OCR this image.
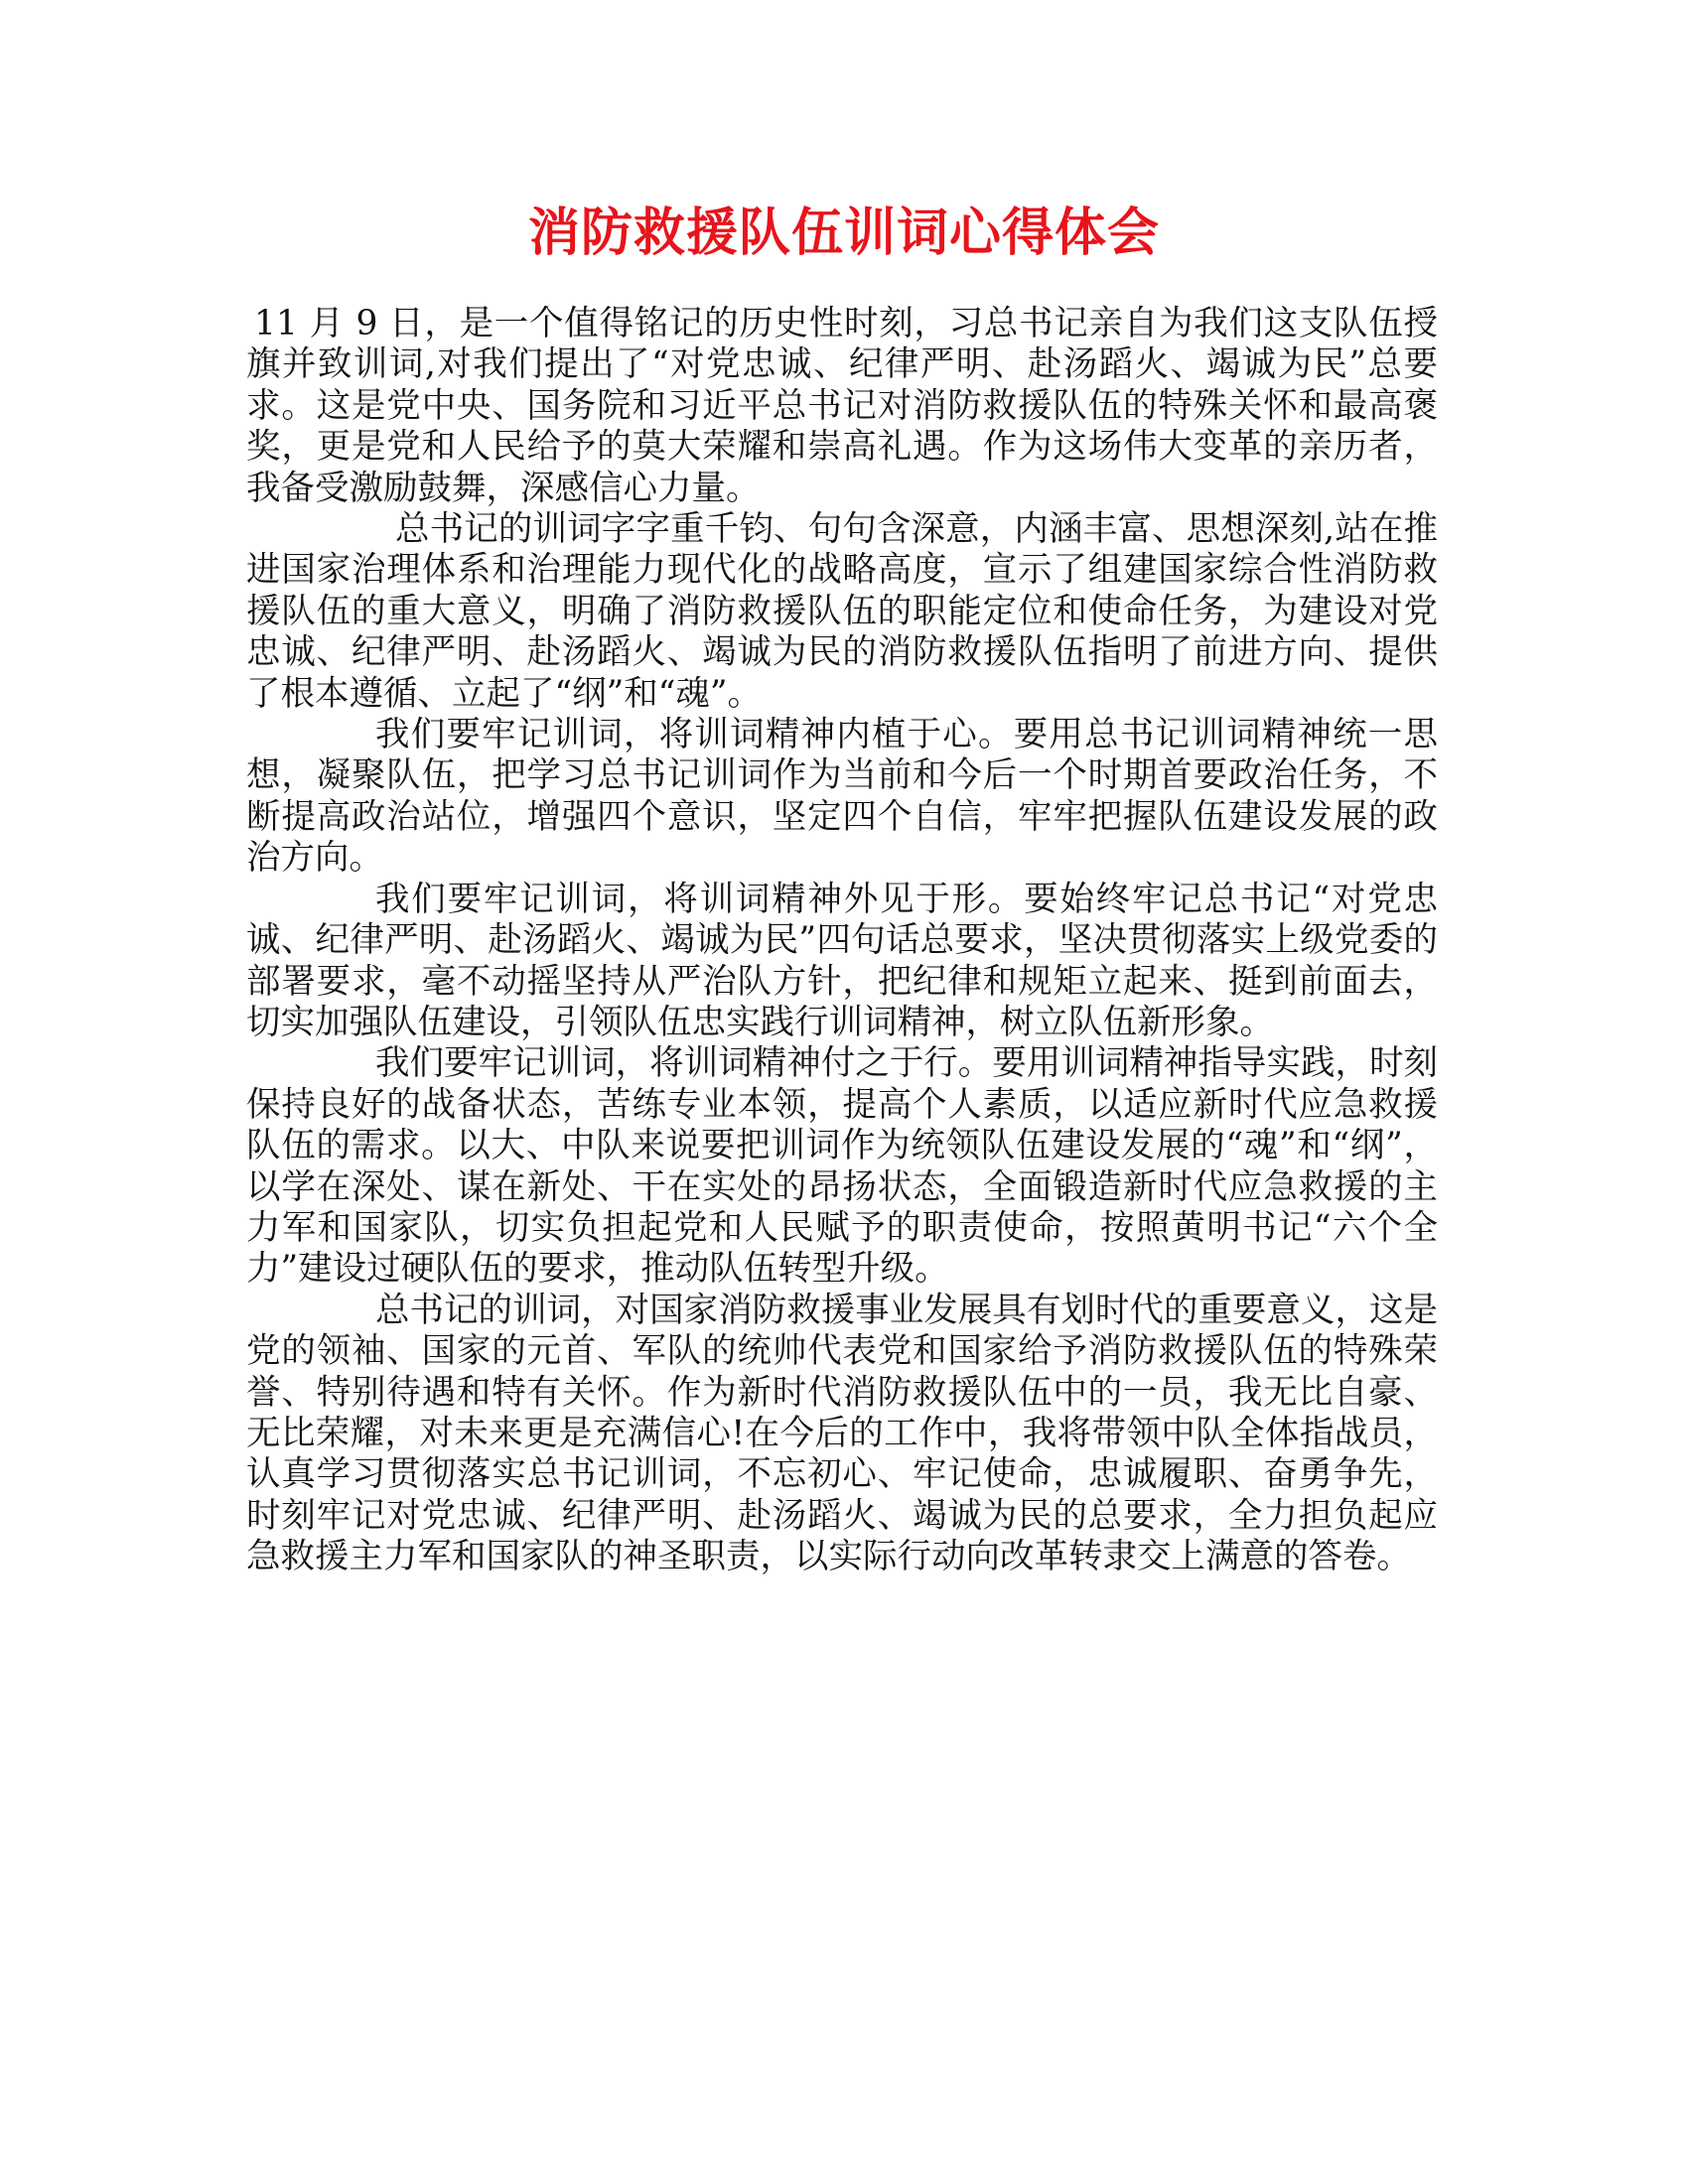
消防救援队伍训词心得体会

11 月 9 日，是一个值得铭记的历史性时刻，习总书记亲自为我们这支队伍授旗并致训词,对我们提出了“对党忠诚、纪律严明、赴汤蹈火、竭诚为民”总要求。这是党中央、国务院和习近平总书记对消防救援队伍的特殊关怀和最高褒奖，更是党和人民给予的莫大荣耀和崇高礼遇。作为这场伟大变革的亲历者，我备受激励鼓舞，深感信心力量。

总书记的训词字字重千钧、句句含深意，内涵丰富、思想深刻,站在推进国家治理体系和治理能力现代化的战略高度，宣示了组建国家综合性消防救援队伍的重大意义，明确了消防救援队伍的职能定位和使命任务，为建设对党忠诚、纪律严明、赴汤蹈火、竭诚为民的消防救援队伍指明了前进方向、提供了根本遵循、立起了“纲”和“魂”。

我们要牢记训词，将训词精神内植于心。要用总书记训词精神统一思想，凝聚队伍，把学习总书记训词作为当前和今后一个时期首要政治任务，不断提高政治站位，增强四个意识，坚定四个自信，牢牢把握队伍建设发展的政治方向。

我们要牢记训词，将训词精神外见于形。要始终牢记总书记“对党忠诚、纪律严明、赴汤蹈火、竭诚为民”四句话总要求，坚决贯彻落实上级党委的部署要求，毫不动摇坚持从严治队方针，把纪律和规矩立起来、挺到前面去，切实加强队伍建设，引领队伍忠实践行训词精神，树立队伍新形象。

我们要牢记训词，将训词精神付之于行。要用训词精神指导实践，时刻保持良好的战备状态，苦练专业本领，提高个人素质，以适应新时代应急救援队伍的需求。以大、中队来说要把训词作为统领队伍建设发展的“魂”和“纲”，以学在深处、谋在新处、干在实处的昂扬状态，全面锻造新时代应急救援的主力军和国家队，切实负担起党和人民赋予的职责使命，按照黄明书记“六个全力”建设过硬队伍的要求，推动队伍转型升级。

总书记的训词，对国家消防救援事业发展具有划时代的重要意义，这是党的领袖、国家的元首、军队的统帅代表党和国家给予消防救援队伍的特殊荣誉、特别待遇和特有关怀。作为新时代消防救援队伍中的一员，我无比自豪、无比荣耀，对未来更是充满信心!在今后的工作中，我将带领中队全体指战员，认真学习贯彻落实总书记训词，不忘初心、牢记使命，忠诚履职、奋勇争先，时刻牢记对党忠诚、纪律严明、赴汤蹈火、竭诚为民的总要求，全力担负起应急救援主力军和国家队的神圣职责，以实际行动向改革转隶交上满意的答卷。
